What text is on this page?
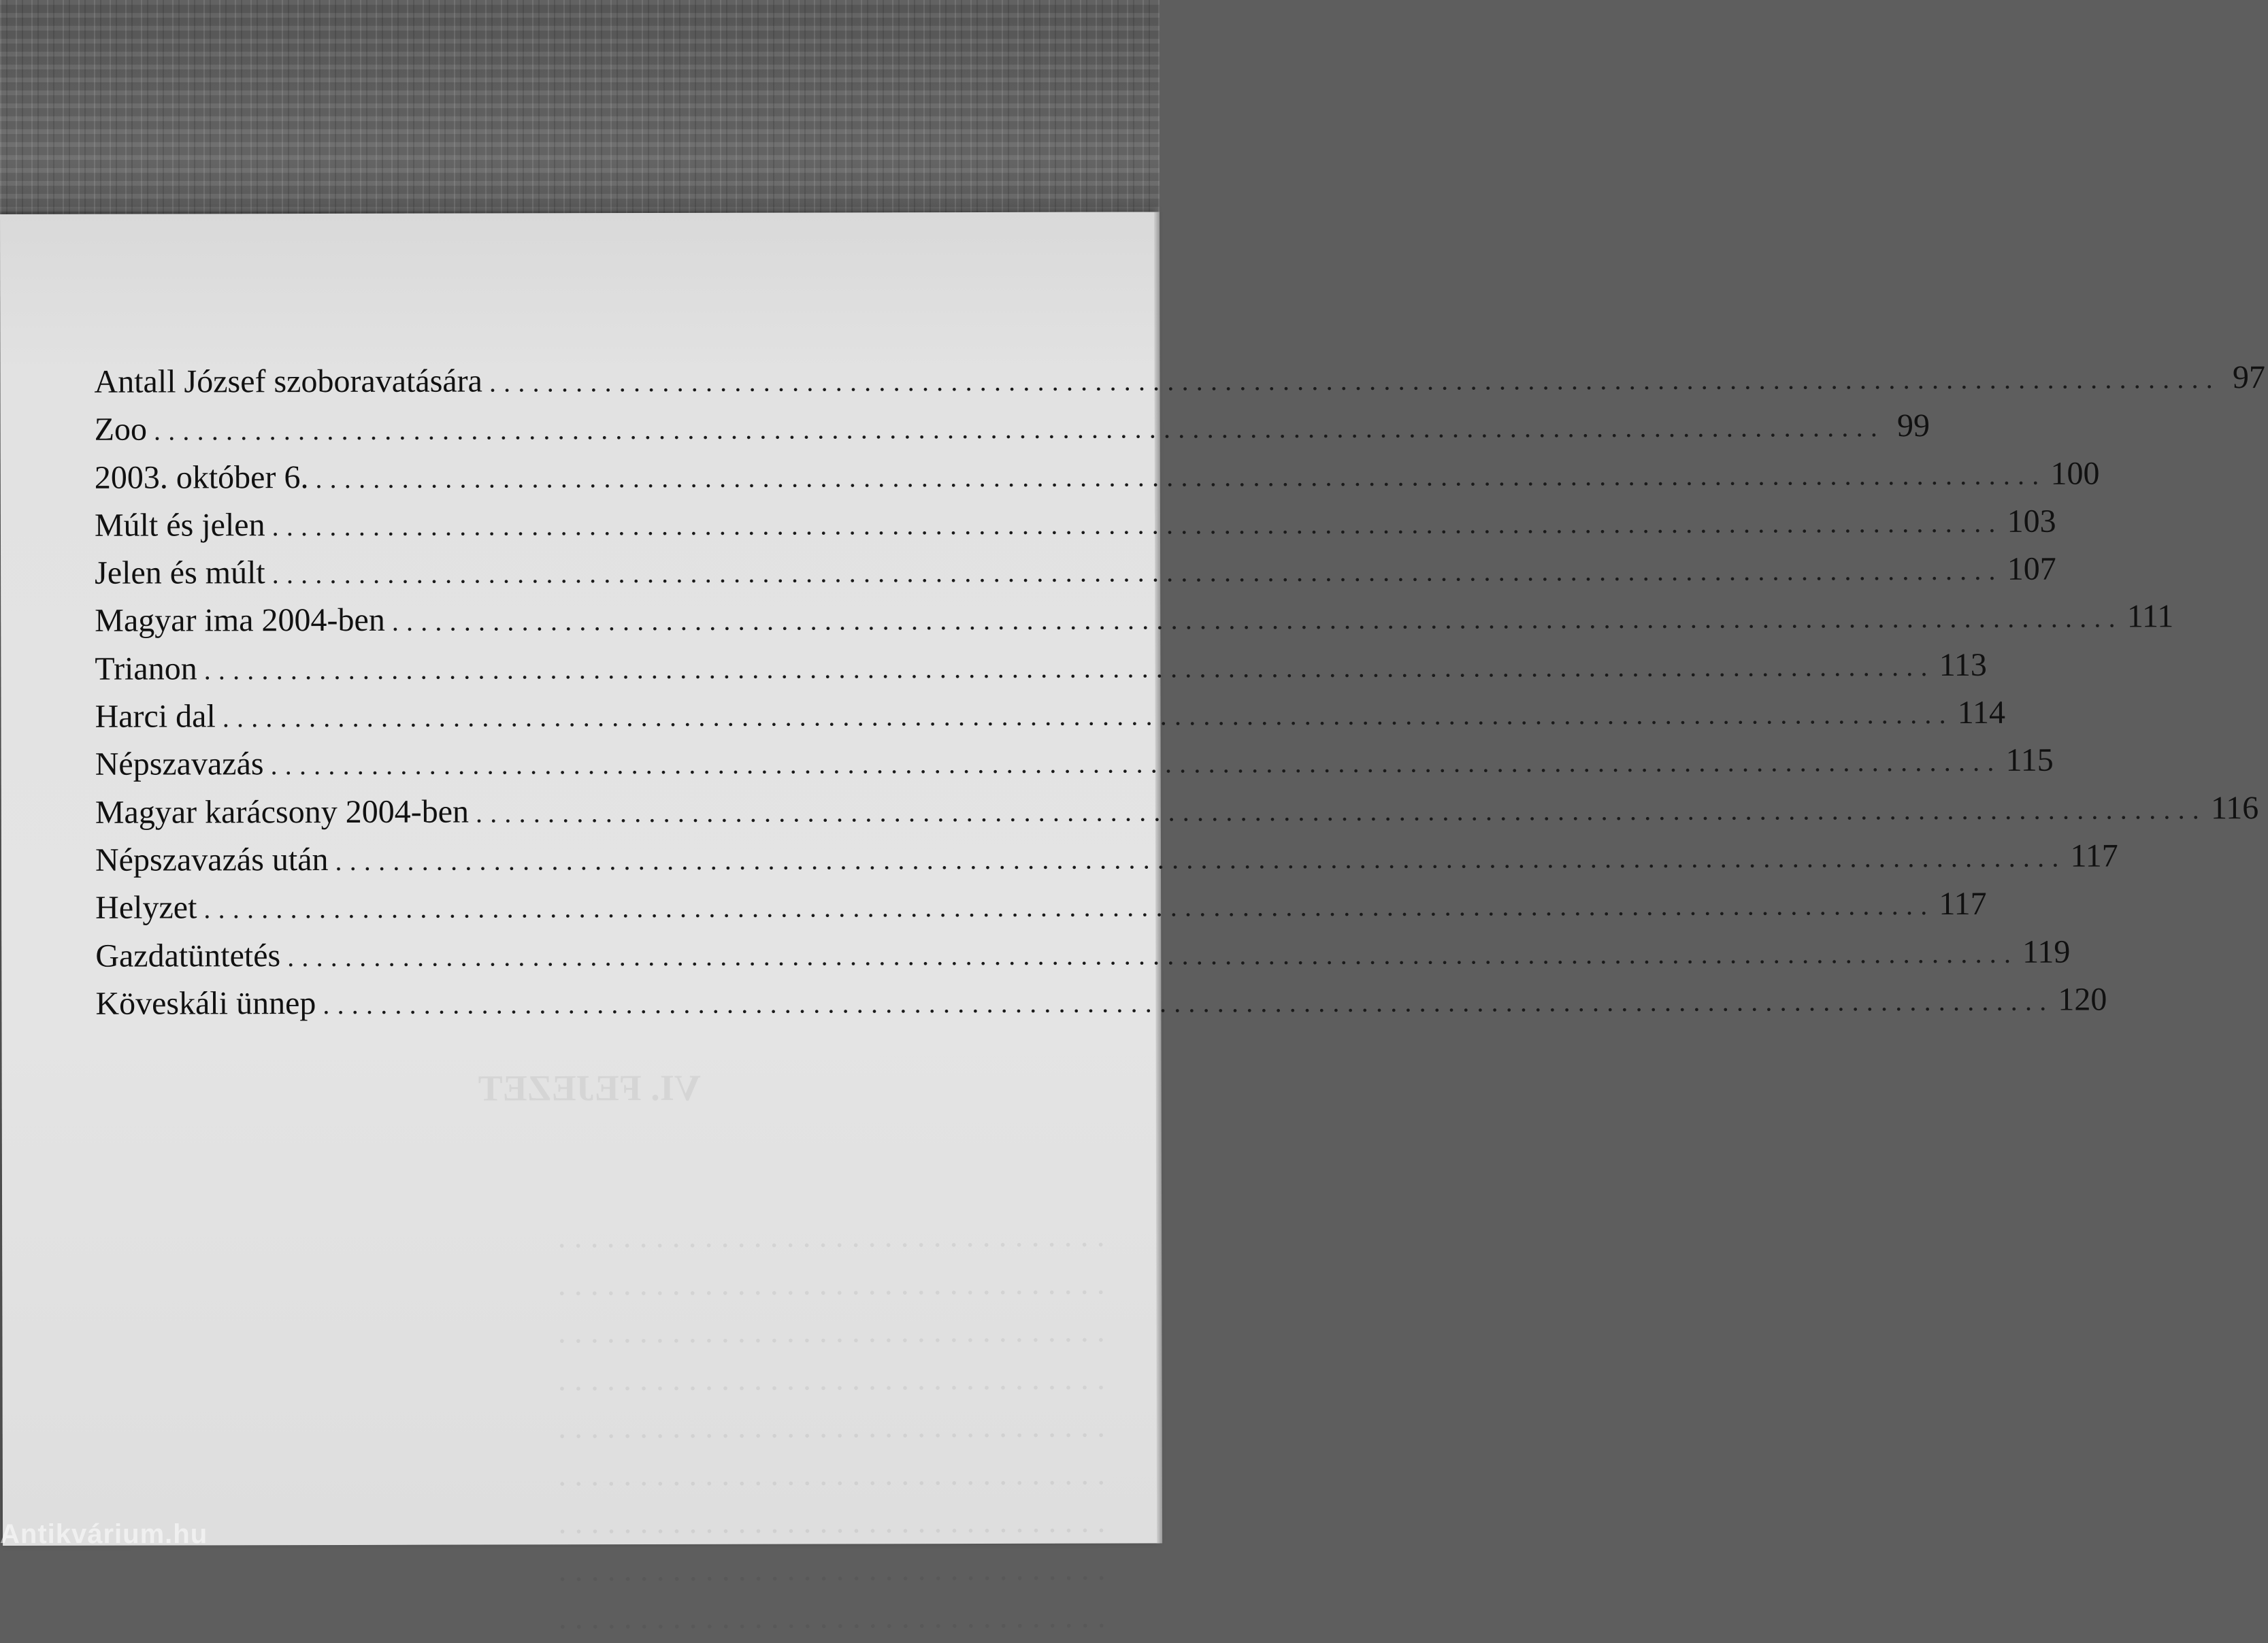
Antall József szoboravatására ........................................................................................................................ 97
Zoo ........................................................................................................................ 99
2003. október 6. ........................................................................................................................ 100
Múlt és jelen ........................................................................................................................ 103
Jelen és múlt ........................................................................................................................ 107
Magyar ima 2004-ben ........................................................................................................................ 111
Trianon ........................................................................................................................ 113
Harci dal ........................................................................................................................ 114
Népszavazás ........................................................................................................................ 115
Magyar karácsony 2004-ben ........................................................................................................................ 116
Népszavazás után ........................................................................................................................ 117
Helyzet ........................................................................................................................ 117
Gazdatüntetés ........................................................................................................................ 119
Köveskáli ünnep ........................................................................................................................ 120
VI. FEJEZET
 . . . . . . . . . . . . . . . . . . . . . . . . . . . . . . . . . .
 . . . . . . . . . . . . . . . . . . . . . . . . . . . . . . . . . .
 . . . . . . . . . . . . . . . . . . . . . . . . . . . . . . . . . .
 . . . . . . . . . . . . . . . . . . . . . . . . . . . . . . . . . .
 . . . . . . . . . . . . . . . . . . . . . . . . . . . . . . . . . .
 . . . . . . . . . . . . . . . . . . . . . . . . . . . . . . . . . .
 . . . . . . . . . . . . . . . . . . . . . . . . . . . . . . . . . .
 . . . . . . . . . . . . . . . . . . . . . . . . . . . . . . . . . .
 . . . . . . . . . . . . . . . . . . . . . . . . . . . . . . . . . .
Antikvárium.hu
